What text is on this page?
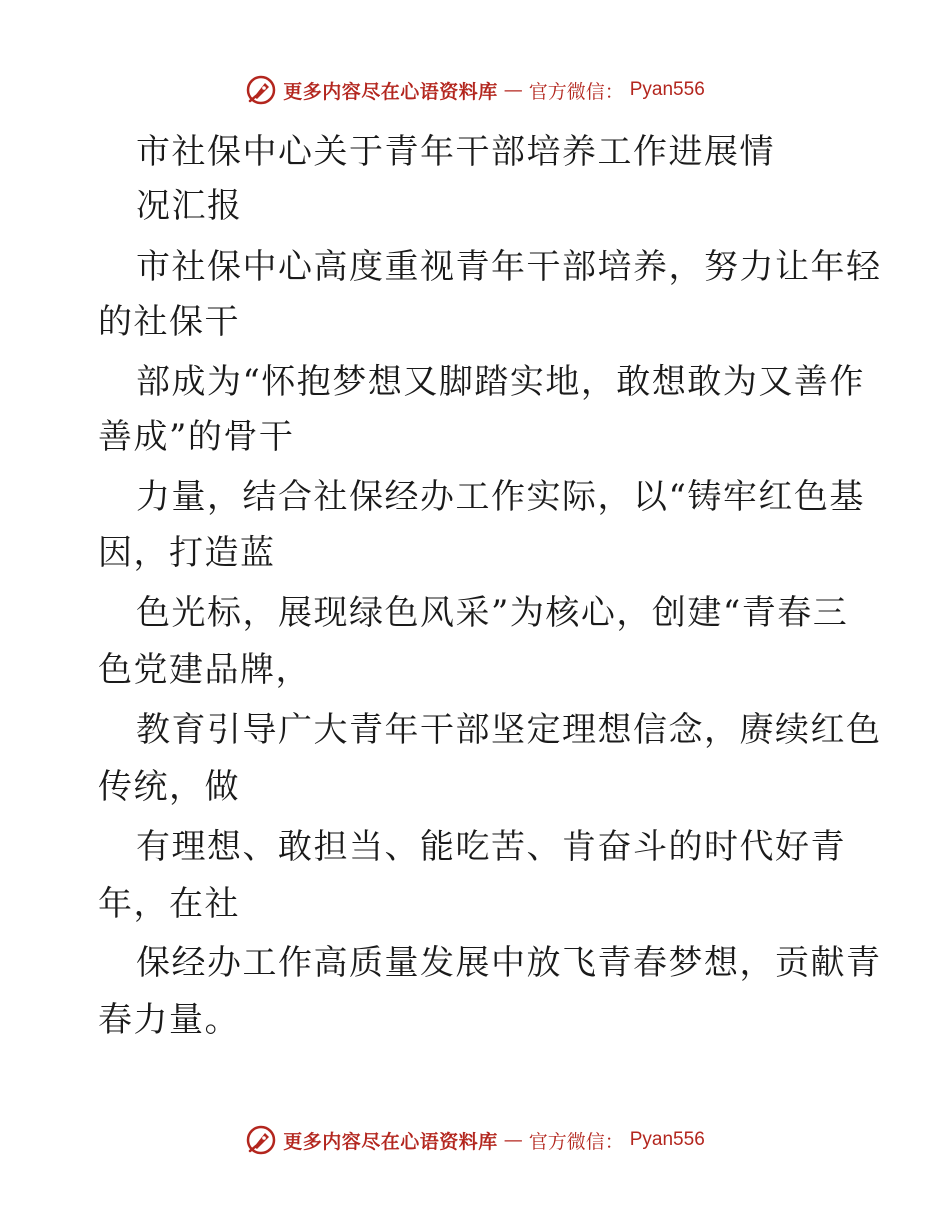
更多内容尽在心语资料库 — 官方微信： Pyan556
市社保中心关于青年干部培养工作进展情
况汇报
市社保中心高度重视青年干部培养，努力让年轻
的社保干
部成为“怀抱梦想又脚踏实地，敢想敢为又善作
善成”的骨干
力量，结合社保经办工作实际，以“铸牢红色基
因，打造蓝
色光标，展现绿色风采”为核心，创建“青春三
色党建品牌，
教育引导广大青年干部坚定理想信念，赓续红色
传统，做
有理想、敢担当、能吃苦、肯奋斗的时代好青
年，在社
保经办工作高质量发展中放飞青春梦想，贡献青
春力量。
更多内容尽在心语资料库 — 官方微信： Pyan556
